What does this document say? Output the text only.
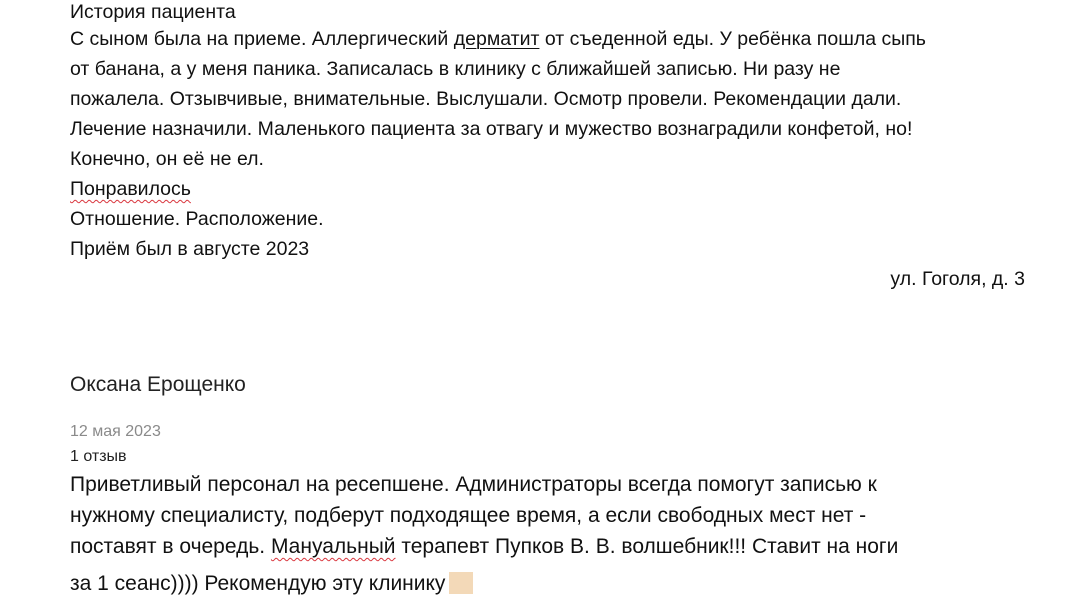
История пациента
С сыном была на приеме. Аллергический дерматит от съеденной еды. У ребёнка пошла сыпь
от банана, а у меня паника. Записалась в клинику с ближайшей записью. Ни разу не
пожалела. Отзывчивые, внимательные. Выслушали. Осмотр провели. Рекомендации дали.
Лечение назначили. Маленького пациента за отвагу и мужество вознаградили конфетой, но!
Конечно, он её не ел.
Понравилось
Отношение. Расположение.
Приём был в августе 2023
ул. Гоголя, д. 3
Оксана Ерощенко
12 мая 2023
1 отзыв
Приветливый персонал на ресепшене. Администраторы всегда помогут записью к
нужному специалисту, подберут подходящее время, а если свободных мест нет -
поставят в очередь. Мануальный терапевт Пупков В. В. волшебник!!! Ставит на ноги
за 1 сеанс)))) Рекомендую эту клинику
